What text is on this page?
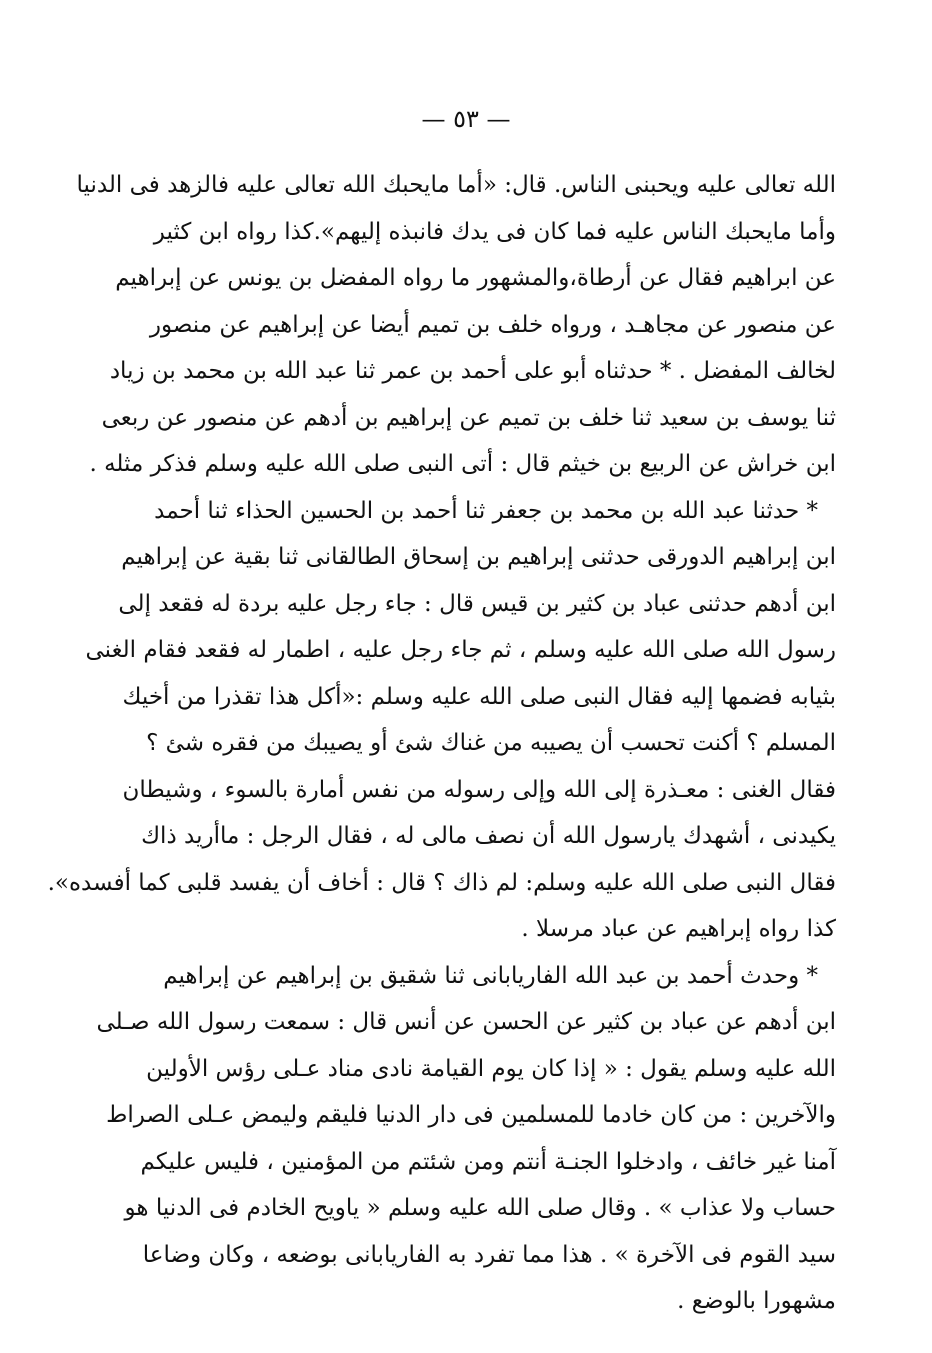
— ٥٣ —
الله تعالى عليه ويحبنى الناس. قال: «أما مايحبك الله تعالى عليه فالزهد فى الدنيا
وأما مايحبك الناس عليه فما كان فى يدك فانبذه إليهم».كذا رواه ابن كثير
عن ابراهيم فقال عن أرطاة،والمشهور ما رواه المفضل بن يونس عن إبراهيم
عن منصور عن مجاهـد ، ورواه خلف بن تميم أيضا عن إبراهيم عن منصور
لخالف المفضل . * حدثناه أبو على أحمد بن عمر ثنا عبد الله بن محمد بن زياد
ثنا يوسف بن سعيد ثنا خلف بن تميم عن إبراهيم بن أدهم عن منصور عن ربعى
ابن خراش عن الربيع بن خيثم قال : أتى النبى صلى الله عليه وسلم فذكر مثله .
* حدثنا عبد الله بن محمد بن جعفر ثنا أحمد بن الحسين الحذاء ثنا أحمد
ابن إبراهيم الدورقى حدثنى إبراهيم بن إسحاق الطالقانى ثنا بقية عن إبراهيم
ابن أدهم حدثنى عباد بن كثير بن قيس قال : جاء رجل عليه بردة له فقعد إلى
رسول الله صلى الله عليه وسلم ، ثم جاء رجل عليه ، اطمار له فقعد فقام الغنى
بثيابه فضمها إليه فقال النبى صلى الله عليه وسلم :«أكل هذا تقذرا من أخيك
المسلم ؟ أكنت تحسب أن يصيبه من غناك شئ أو يصيبك من فقره شئ ؟
فقال الغنى : معـذرة إلى الله وإلى رسوله من نفس أمارة بالسوء ، وشيطان
يكيدنى ، أشهدك يارسول الله أن نصف مالى له ، فقال الرجل : ماأريد ذاك
فقال النبى صلى الله عليه وسلم: لم ذاك ؟ قال : أخاف أن يفسد قلبى كما أفسده».
كذا رواه إبراهيم عن عباد مرسلا .
* وحدث أحمد بن عبد الله الفاريابانى ثنا شقيق بن إبراهيم عن إبراهيم
ابن أدهم عن عباد بن كثير عن الحسن عن أنس قال : سمعت رسول الله صـلى
الله عليه وسلم يقول : « إذا كان يوم القيامة نادى مناد عـلى رؤس الأولين
والآخرين : من كان خادما للمسلمين فى دار الدنيا فليقم وليمض عـلى الصراط
آمنا غير خائف ، وادخلوا الجنـة أنتم ومن شئتم من المؤمنين ، فليس عليكم
حساب ولا عذاب » . وقال صلى الله عليه وسلم « ياويح الخادم فى الدنيا هو
سيد القوم فى الآخرة » . هذا مما تفرد به الفاريابانى بوضعه ، وكان وضاعا
مشهورا بالوضع .
